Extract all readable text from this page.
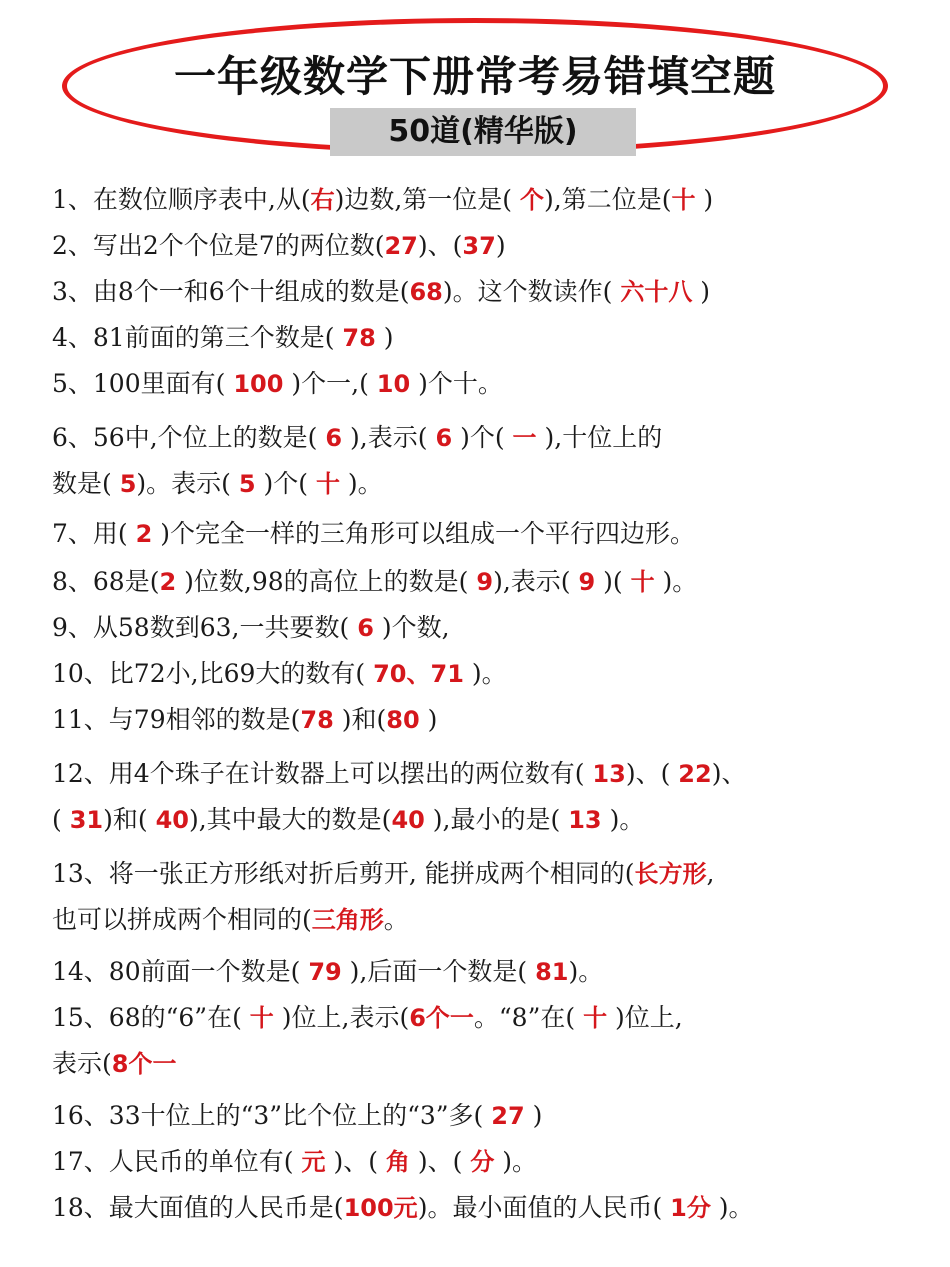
一年级数学下册常考易错填空题
50道(精华版)
1、在数位顺序表中,从(右)边数,第一位是( 个),第二位是(十 )
2、写出2个个位是7的两位数(27)、(37)
3、由8个一和6个十组成的数是(68)。这个数读作( 六十八 )
4、81前面的第三个数是( 78 )
5、100里面有( 100 )个一,( 10 )个十。
6、56中,个位上的数是( 6 ),表示( 6 )个( 一 ),十位上的
数是( 5)。表示( 5 )个( 十 )。
7、用( 2 )个完全一样的三角形可以组成一个平行四边形。
8、68是(2 )位数,98的高位上的数是( 9),表示( 9 )( 十 )。
9、从58数到63,一共要数( 6 )个数,
10、比72小,比69大的数有( 70、71 )。
11、与79相邻的数是(78 )和(80 )
12、用4个珠子在计数器上可以摆出的两位数有( 13)、( 22)、
( 31)和( 40),其中最大的数是(40 ),最小的是( 13 )。
13、将一张正方形纸对折后剪开, 能拼成两个相同的(长方形,
也可以拼成两个相同的(三角形。
14、80前面一个数是( 79 ),后面一个数是( 81)。
15、68的“6”在( 十 )位上,表示(6个一。“8”在( 十 )位上,
表示(8个一
16、33十位上的“3”比个位上的“3”多( 27 )
17、人民币的单位有( 元 )、( 角 )、( 分 )。
18、最大面值的人民币是(100元)。最小面值的人民币( 1分 )。
